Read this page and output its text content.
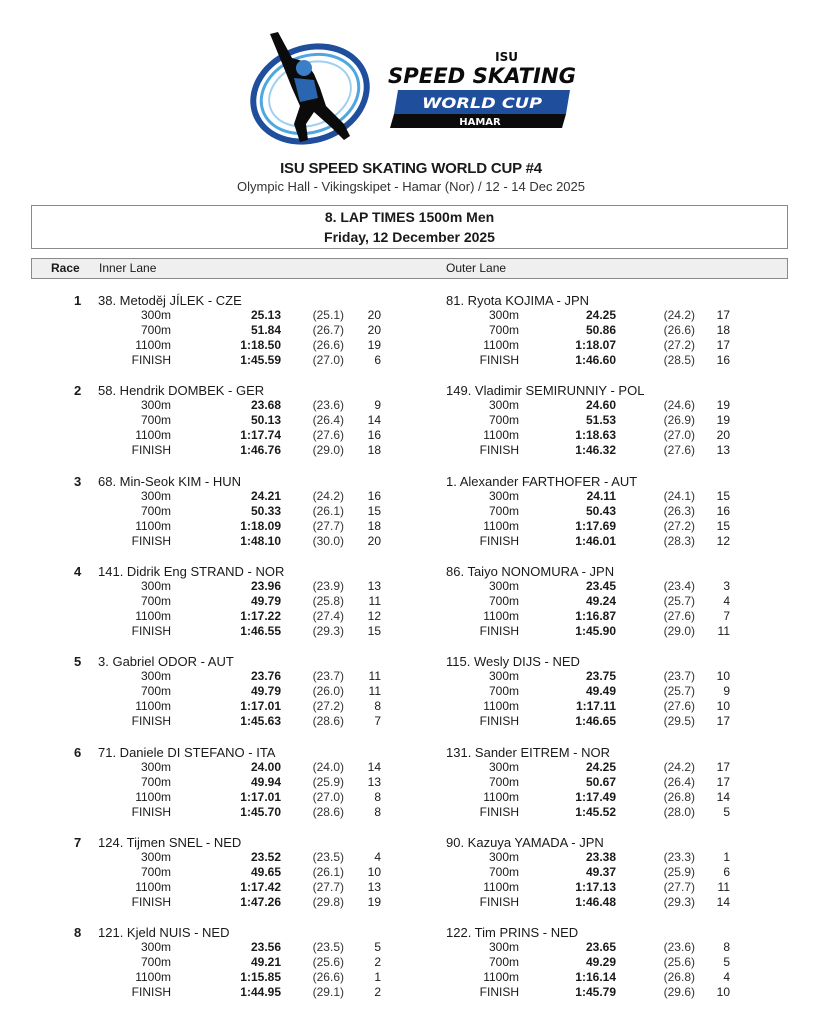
ISU
SPEED SKATING
WORLD CUP
HAMAR
ISU SPEED SKATING WORLD CUP #4
Olympic Hall - Vikingskipet - Hamar (Nor) / 12 - 14 Dec 2025
8. LAP TIMES 1500m Men
Friday, 12 December 2025
Race Inner Lane	Outer Lane
1 38. Metoděj JÍLEK - CZE
300m	25.13	(25.1) 20
700m	51.84	(26.7) 20
1100m	1:18.50	(26.6) 19
FINISH	1:45.59	(27.0)	6
81. Ryota KOJIMA - JPN
300m	24.25	(24.2) 17
700m	50.86	(26.6) 18
1100m	1:18.07	(27.2) 17
FINISH	1:46.60	(28.5) 16
2 58. Hendrik DOMBEK - GER
300m	23.68	(23.6)	9
700m	50.13	(26.4) 14
1100m	1:17.74	(27.6) 16
FINISH	1:46.76	(29.0) 18
149. Vladimir SEMIRUNNIY - POL
300m	24.60	(24.6) 19
700m	51.53	(26.9) 19
1100m	1:18.63	(27.0) 20
FINISH	1:46.32	(27.6) 13
3 68. Min-Seok KIM - HUN
300m	24.21	(24.2) 16
700m	50.33	(26.1) 15
1100m	1:18.09	(27.7) 18
FINISH	1:48.10	(30.0) 20
1. Alexander FARTHOFER - AUT
300m	24.11	(24.1) 15
700m	50.43	(26.3) 16
1100m	1:17.69	(27.2) 15
FINISH	1:46.01	(28.3) 12
4 141. Didrik Eng STRAND - NOR
300m	23.96	(23.9) 13
700m	49.79	(25.8) 11
1100m	1:17.22	(27.4) 12
FINISH	1:46.55	(29.3) 15
86. Taiyo NONOMURA - JPN
300m	23.45	(23.4) 3
700m	49.24	(25.7) 4
1100m	1:16.87	(27.6) 7
FINISH	1:45.90	(29.0) 11
5 3. Gabriel ODOR - AUT
300m	23.76	(23.7) 11
700m	49.79	(26.0) 11
1100m	1:17.01	(27.2)	8
FINISH	1:45.63	(28.6)	7
115. Wesly DIJS - NED
300m	23.75	(23.7) 10
700m	49.49	(25.7) 9
1100m	1:17.11	(27.6) 10
FINISH	1:46.65	(29.5) 17
6 71. Daniele DI STEFANO - ITA
300m	24.00	(24.0) 14
700m	49.94	(25.9) 13
1100m	1:17.01	(27.0)	8
FINISH	1:45.70	(28.6)	8
131. Sander EITREM - NOR
300m	24.25	(24.2) 17
700m	50.67	(26.4) 17
1100m	1:17.49	(26.8) 14
FINISH	1:45.52	(28.0) 5
7 124. Tijmen SNEL - NED
300m	23.52	(23.5)	4
700m	49.65	(26.1) 10
1100m	1:17.42	(27.7) 13
FINISH	1:47.26	(29.8) 19
90. Kazuya YAMADA - JPN
300m	23.38	(23.3) 1
700m	49.37	(25.9) 6
1100m	1:17.13	(27.7) 11
FINISH	1:46.48	(29.3) 14
8 121. Kjeld NUIS - NED
300m	23.56	(23.5)	5
700m	49.21	(25.6)	2
1100m	1:15.85	(26.6)	1
FINISH	1:44.95	(29.1)	2
122. Tim PRINS - NED
300m	23.65	(23.6) 8
700m	49.29	(25.6) 5
1100m	1:16.14	(26.8) 4
FINISH	1:45.79	(29.6) 10
